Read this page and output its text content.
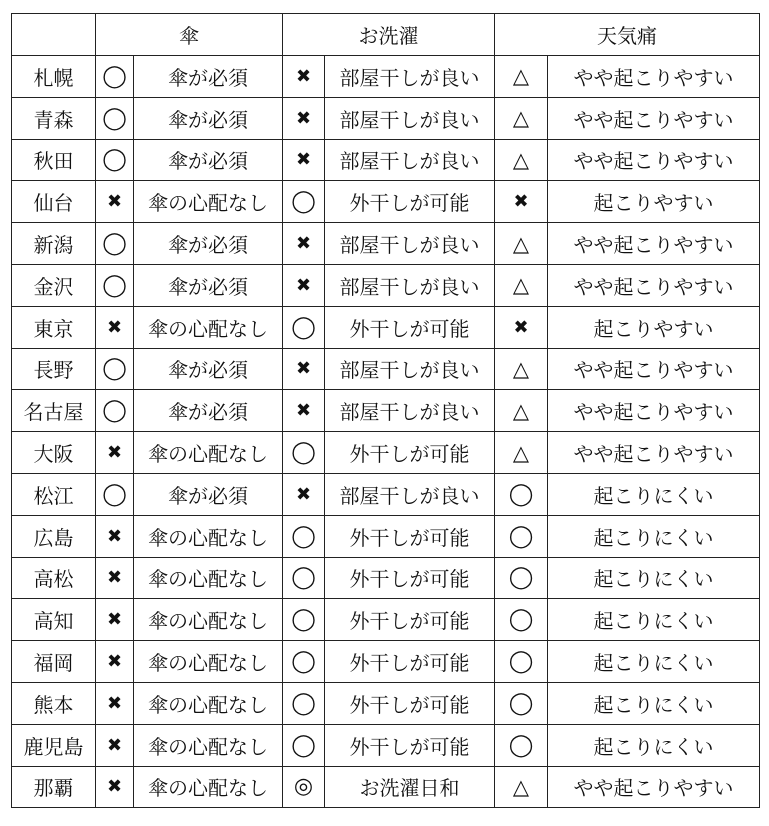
	傘		お洗濯		天気痛	
札幌	◯	傘が必須	✖	部屋干しが良い	△	やや起こりやすい
青森	◯	傘が必須	✖	部屋干しが良い	△	やや起こりやすい
秋田	◯	傘が必須	✖	部屋干しが良い	△	やや起こりやすい
仙台	✖	傘の心配なし	◯	外干しが可能	✖	起こりやすい
新潟	◯	傘が必須	✖	部屋干しが良い	△	やや起こりやすい
金沢	◯	傘が必須	✖	部屋干しが良い	△	やや起こりやすい
東京	✖	傘の心配なし	◯	外干しが可能	✖	起こりやすい
長野	◯	傘が必須	✖	部屋干しが良い	△	やや起こりやすい
名古屋	◯	傘が必須	✖	部屋干しが良い	△	やや起こりやすい
大阪	✖	傘の心配なし	◯	外干しが可能	△	やや起こりやすい
松江	◯	傘が必須	✖	部屋干しが良い	◯	起こりにくい
広島	✖	傘の心配なし	◯	外干しが可能	◯	起こりにくい
高松	✖	傘の心配なし	◯	外干しが可能	◯	起こりにくい
高知	✖	傘の心配なし	◯	外干しが可能	◯	起こりにくい
福岡	✖	傘の心配なし	◯	外干しが可能	◯	起こりにくい
熊本	✖	傘の心配なし	◯	外干しが可能	◯	起こりにくい
鹿児島	✖	傘の心配なし	◯	外干しが可能	◯	起こりにくい
那覇	✖	傘の心配なし	◎	お洗濯日和	△	やや起こりやすい
